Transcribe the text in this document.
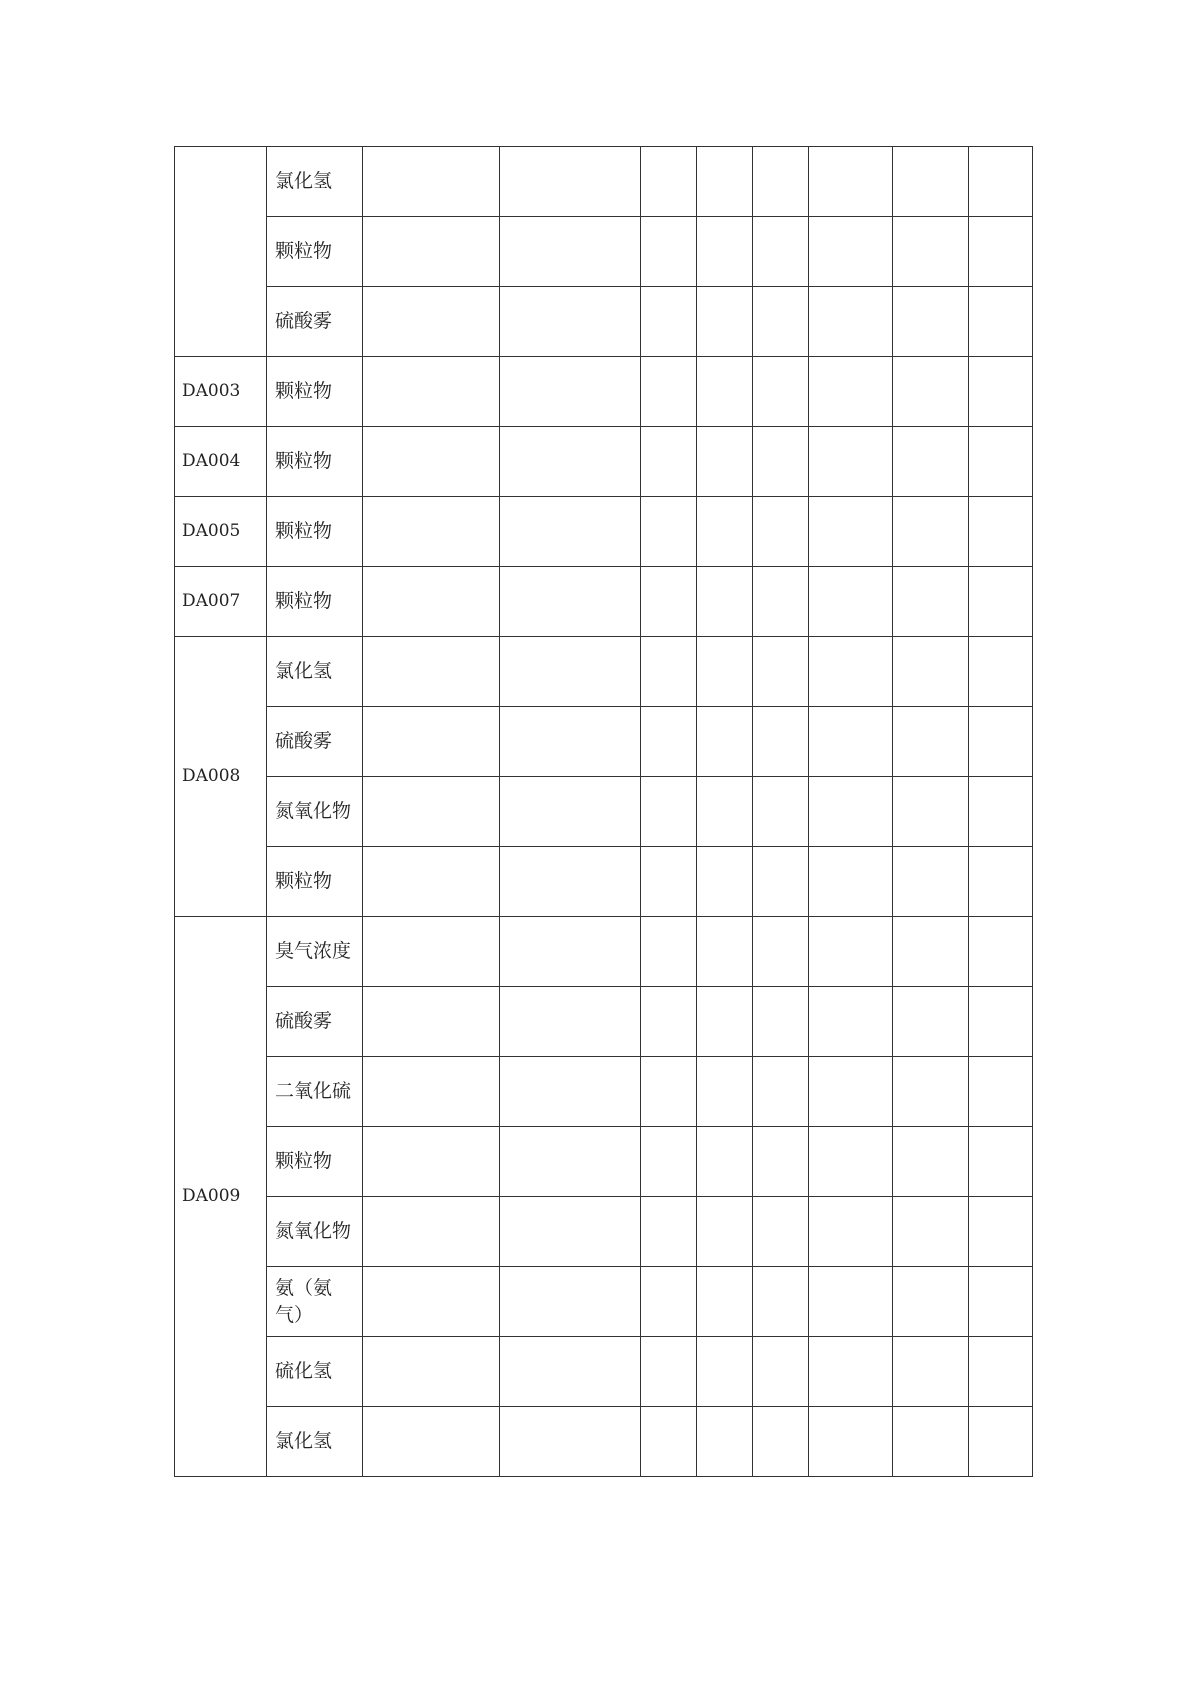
	氯化氢								
	颗粒物								
	硫酸雾								
DA003	颗粒物								
DA004	颗粒物								
DA005	颗粒物								
DA007	颗粒物								
DA008	氯化氢								
	硫酸雾								
	氮氧化物								
	颗粒物								
DA009	臭气浓度								
	硫酸雾								
	二氧化硫								
	颗粒物								
	氮氧化物								
	氨（氨气）								
	硫化氢								
	氯化氢								
